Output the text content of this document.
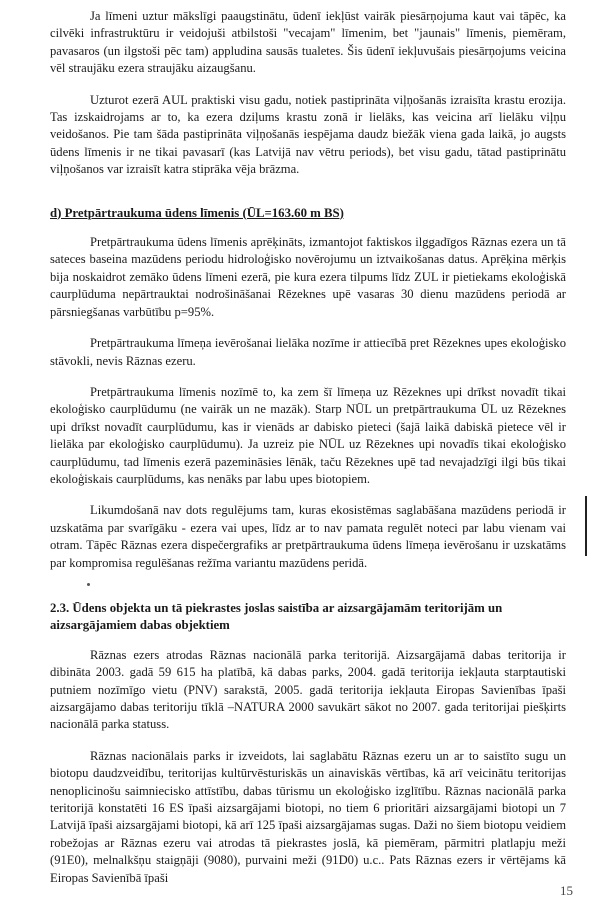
Ja līmeni uztur mākslīgi paaugstinātu, ūdenī iekļūst vairāk piesārņojuma kaut vai tāpēc, ka cilvēki infrastruktūru ir veidojuši atbilstoši "vecajam" līmenim, bet "jaunais" līmenis, piemēram, pavasaros (un ilgstoši pēc tam) appludina sausās tualetes. Šis ūdenī iekļuvušais piesārņojums veicina vēl straujāku ezera straujāku aizaugšanu.

Uzturot ezerā AUL praktiski visu gadu, notiek pastiprināta viļņošanās izraisīta krastu erozija. Tas izskaidrojams ar to, ka ezera dziļums krastu zonā ir lielāks, kas veicina arī lielāku viļņu veidošanos. Pie tam šāda pastiprināta viļņošanās iespējama daudz biežāk viena gada laikā, jo augsts ūdens līmenis ir ne tikai pavasarī (kas Latvijā nav vētru periods), bet visu gadu, tātad pastiprinātu viļņošanos var izraisīt katra stiprāka vēja brāzma.

d) Pretpārtraukuma ūdens līmenis (ŪL=163.60 m BS)

Pretpārtraukuma ūdens līmenis aprēķināts, izmantojot faktiskos ilggadīgos Rāznas ezera un tā sateces baseina mazūdens periodu hidroloģisko novērojumu un iztvaikošanas datus. Aprēķina mērķis bija noskaidrot zemāko ūdens līmeni ezerā, pie kura ezera tilpums līdz ZUL ir pietiekams ekoloģiskā caurplūduma nepārtrauktai nodrošināšanai Rēzeknes upē vasaras 30 dienu mazūdens periodā ar pārsniegšanas varbūtību p=95%.

Pretpārtraukuma līmeņa ievērošanai lielāka nozīme ir attiecībā pret Rēzeknes upes ekoloģisko stāvokli, nevis Rāznas ezeru.

Pretpārtraukuma līmenis nozīmē to, ka zem šī līmeņa uz Rēzeknes upi drīkst novadīt tikai ekoloģisko caurplūdumu (ne vairāk un ne mazāk). Starp NŪL un pretpārtraukuma ŪL uz Rēzeknes upi drīkst novadīt caurplūdumu, kas ir vienāds ar dabisko pieteci (šajā laikā dabiskā pietece vēl ir lielāka par ekoloģisko caurplūdumu). Ja uzreiz pie NŪL uz Rēzeknes upi novadīs tikai ekoloģisko caurplūdumu, tad līmenis ezerā pazemināsies lēnāk, taču Rēzeknes upē tad nevajadzīgi ilgi būs tikai ekoloģiskais caurplūdums, kas nenāks par labu upes biotopiem.

Likumdošanā nav dots regulējums tam, kuras ekosistēmas saglabāšana mazūdens periodā ir uzskatāma par svarīgāku - ezera vai upes, līdz ar to nav pamata regulēt noteci par labu vienam vai otram. Tāpēc Rāznas ezera dispečergrafiks ar pretpārtraukuma ūdens līmeņa ievērošanu ir uzskatāms par kompromisa regulēšanas režīma variantu mazūdens peridā.

2.3. Ūdens objekta un tā piekrastes joslas saistība ar aizsargājamām teritorijām un aizsargājamiem dabas objektiem

Rāznas ezers atrodas Rāznas nacionālā parka teritorijā. Aizsargājamā dabas teritorija ir dibināta 2003. gadā 59 615 ha platībā, kā dabas parks, 2004. gadā teritorija iekļauta starptautiski putniem nozīmīgo vietu (PNV) sarakstā, 2005. gadā teritorija iekļauta Eiropas Savienības īpaši aizsargājamo dabas teritoriju tīklā –NATURA 2000 savukārt sākot no 2007. gada teritorijai piešķirts nacionālā parka statuss.

Rāznas nacionālais parks ir izveidots, lai saglabātu Rāznas ezeru un ar to saistīto sugu un biotopu daudzveidību, teritorijas kultūrvēsturiskās un ainaviskās vērtības, kā arī veicinātu teritorijas nenoplicinošu saimniecisko attīstību, dabas tūrismu un ekoloģisko izglītību. Rāznas nacionālā parka teritorijā konstatēti 16 ES īpaši aizsargājami biotopi, no tiem 6 prioritāri aizsargājami biotopi un 7 Latvijā īpaši aizsargājami biotopi, kā arī 125 īpaši aizsargājamas sugas. Daži no šiem biotopu veidiem robežojas ar Rāznas ezeru vai atrodas tā piekrastes joslā, kā piemēram, pārmitri platlapju meži (91E0), melnalkšņu staigņāji (9080), purvaini meži (91D0) u.c.. Pats Rāznas ezers ir vērtējams kā Eiropas Savienībā īpaši

15
